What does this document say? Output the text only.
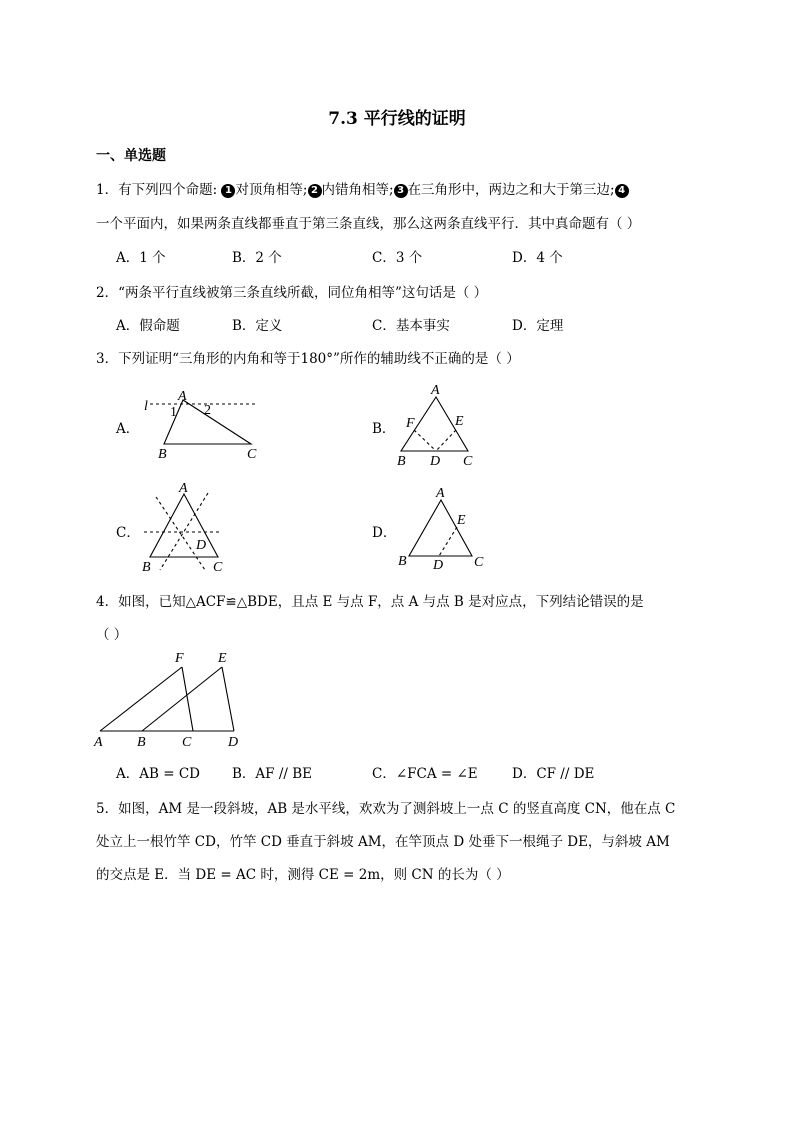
7.3 平行线的证明
一、单选题
1．有下列四个命题: 1 对顶角相等; 2 内错角相等; 3 在三角形中，两边之和大于第三边; 4
一个平面内，如果两条直线都垂直于第三条直线，那么这两条直线平行．其中真命题有（ ）
A．1 个	B．2 个	C．3 个	D．4 个
2．“两条平行直线被第三条直线所截，同位角相等”这句话是（ ）
A．假命题	B．定义	C．基本事实	D．定理
3．下列证明“三角形的内角和等于180°”所作的辅助线不正确的是（ ）
A．
l
A
1 2
B	C
B．
A
F	E
B D C
C．
A
D
B	C
D．
A
E
B D C
4．如图，已知△ACF≌△BDE，且点 E 与点 F，点 A 与点 B 是对应点，下列结论错误的是
（ ）
F E
A B	C	D
A．AB = CD B．AF // BE	C．∠FCA = ∠E	D．CF // DE
5．如图，AM 是一段斜坡，AB 是水平线，欢欢为了测斜坡上一点 C 的竖直高度 CN，他在点 C
处立上一根竹竿 CD，竹竿 CD 垂直于斜坡 AM，在竿顶点 D 处垂下一根绳子 DE，与斜坡 AM
的交点是 E．当 DE = AC 时，测得 CE = 2m，则 CN 的长为（ ）
